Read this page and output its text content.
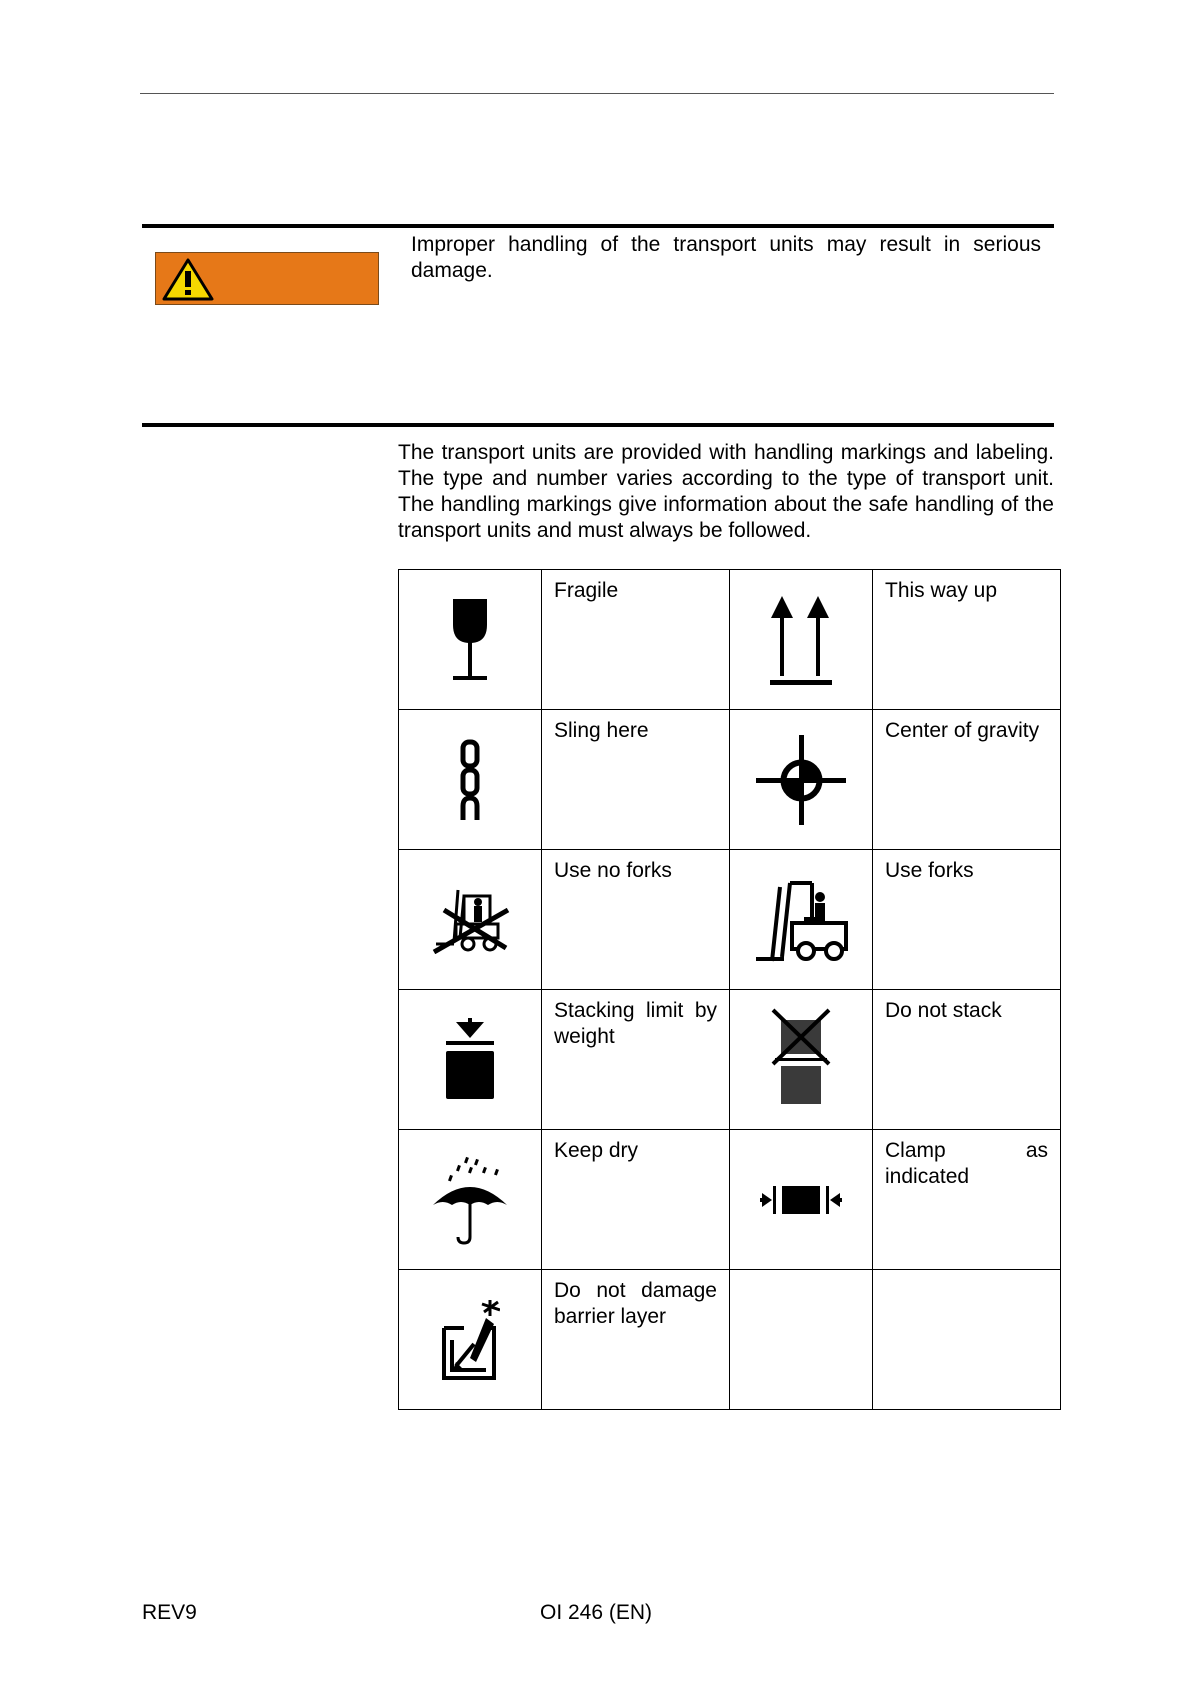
Improper handling of the transport units may result in serious damage.
The transport units are provided with handling markings and labeling. The type and number varies according to the type of transport unit. The handling markings give information about the safe handling of the transport units and must always be followed.
	Fragile		This way up
	Sling here		Center of gravity
	Use no forks		Use forks
	Stacking limit by weight		Do not stack
	Keep dry		Clamp as indicated
	Do not damage barrier layer		
REV9	OI 246 (EN)
